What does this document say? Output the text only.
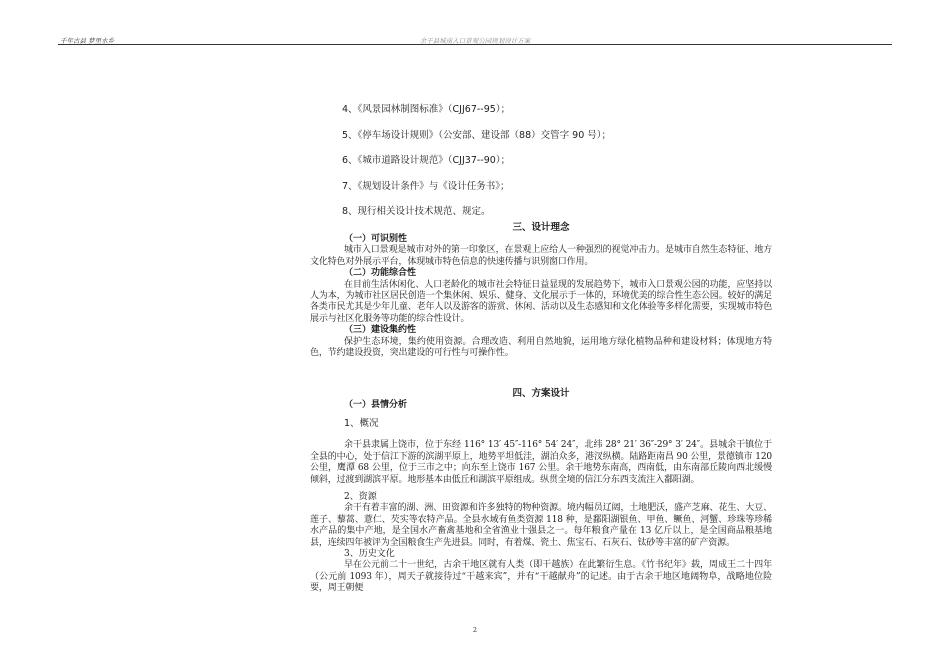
千年古县 梦里水乡	余干县城南入口景观公园规划设计方案
4、《风景园林制图标准》（CJJ67--95）；
5、《停车场设计规则》（公安部、建设部（88）交管字 90 号）；
6、《城市道路设计规范》（CJJ37--90）；
7、《规划设计条件》与《设计任务书》；
8、现行相关设计技术规范、规定。
三、设计理念
（一）可识别性

城市入口景观是城市对外的第一印象区，在景观上应给人一种强烈的视觉冲击力。是城市自然生态特征、地方文化特色对外展示平台，体现城市特色信息的快速传播与识别窗口作用。

（二）功能综合性

在目前生活休闲化、人口老龄化的城市社会特征日益显现的发展趋势下，城市入口景观公园的功能，应坚持以人为本，为城市社区居民创造一个集休闲、娱乐、健身、文化展示于一体的，环境优美的综合性生态公园。较好的满足各类市民尤其是少年儿童、老年人以及游客的游赏、休闲、活动以及生态感知和文化体验等多样化需要，实现城市特色展示与社区化服务等功能的综合性设计。

（三）建设集约性

保护生态环境，集约使用资源。合理改造、利用自然地貌，运用地方绿化植物品种和建设材料；体现地方特色，节约建设投资，突出建设的可行性与可操作性。

四、方案设计
（一）县情分析
1、概况

余干县隶属上饶市，位于东经 116° 13′ 45″-116° 54′ 24″，北纬 28° 21′ 36″-29° 3′ 24″。县城余干镇位于全县的中心，处于信江下游的滨湖平原上，地势平坦低洼，湖泊众多，港汊纵横。陆路距南昌 90 公里，景德镇市 120 公里，鹰潭 68 公里，位于三市之中；向东至上饶市 167 公里。余干地势东南高，西南低，由东南部丘陵向西北缓慢倾斜，过渡到湖滨平原。地形基本由低丘和湖滨平原组成。纵贯全境的信江分东西支流注入鄱阳湖。

2、资源

余干有着丰富的湖、洲、田资源和许多独特的物种资源。境内幅员辽阔，土地肥沃，盛产芝麻、花生、大豆、莲子、藜蒿、薏仁、芡实等农特产品。全县水域有鱼类资源 118 种，是鄱阳湖银鱼、甲鱼、鳜鱼、河蟹、珍珠等珍稀水产品的集中产地，是全国水产畜禽基地和全省渔业十强县之一。每年粮食产量在 13 亿斤以上，是全国商品粮基地县，连续四年被评为全国粮食生产先进县。同时，有着煤、瓷土、焦宝石、石灰石、钛砂等丰富的矿产资源。

3、历史文化

早在公元前二十一世纪，古余干地区就有人类（即干越族）在此繁衍生息。《竹书纪年》载，周成王二十四年（公元前 1093 年），周天子就接待过“干越来宾”，并有“干越献舟”的记述。由于古余干地区地阔物阜，战略地位险要，周王朝便

2
